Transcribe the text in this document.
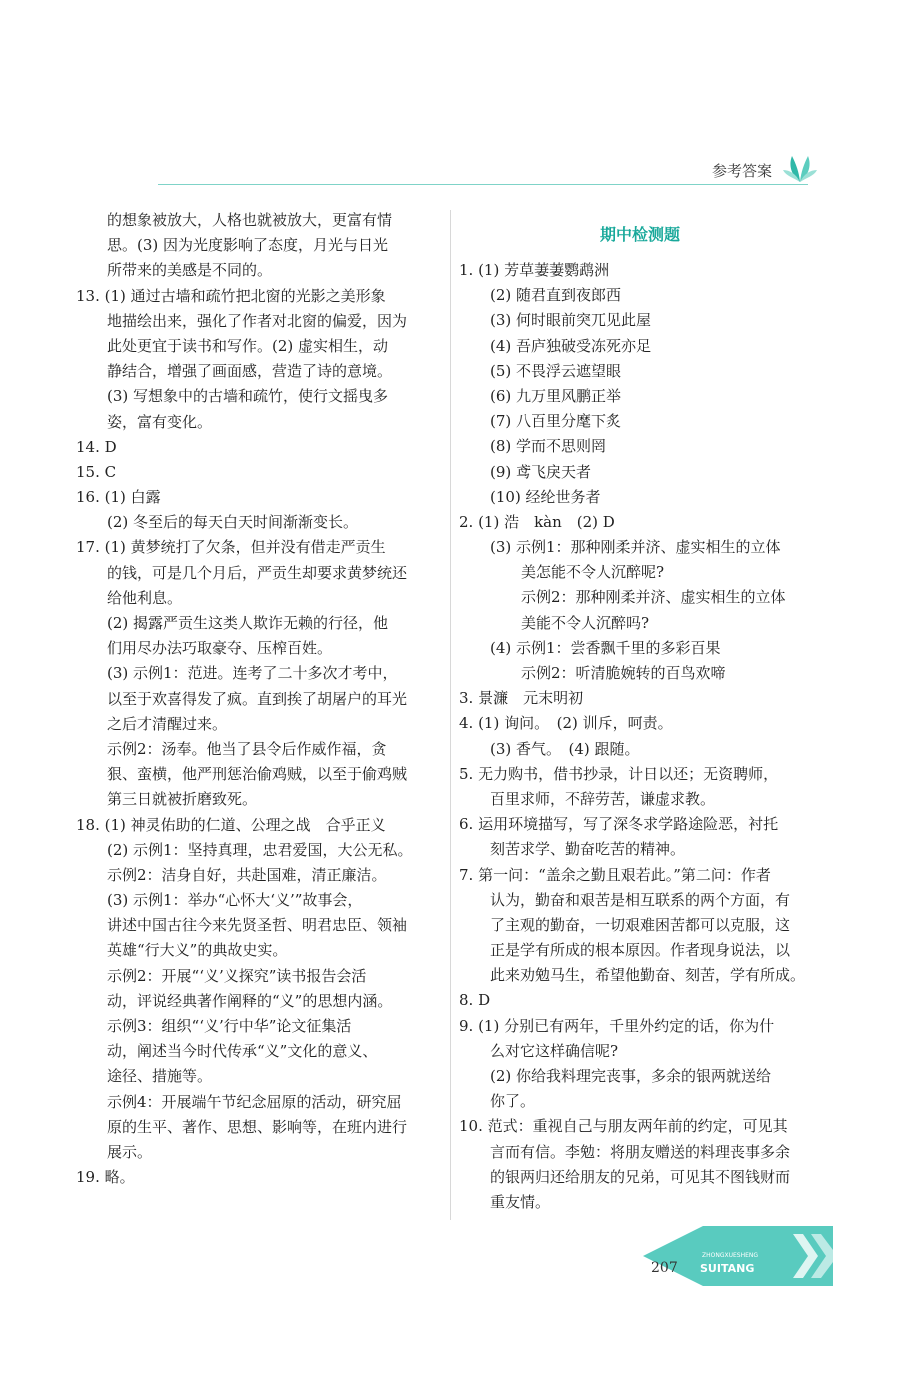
参考答案
的想象被放大，人格也就被放大，更富有情
思。(3) 因为光度影响了态度，月光与日光
所带来的美感是不同的。
13. (1) 通过古墙和疏竹把北窗的光影之美形象
地描绘出来，强化了作者对北窗的偏爱，因为
此处更宜于读书和写作。(2) 虚实相生，动
静结合，增强了画面感，营造了诗的意境。
(3) 写想象中的古墙和疏竹，使行文摇曳多
姿，富有变化。
14. D
15. C
16. (1) 白露
(2) 冬至后的每天白天时间渐渐变长。
17. (1) 黄梦统打了欠条，但并没有借走严贡生
的钱，可是几个月后，严贡生却要求黄梦统还
给他利息。
(2) 揭露严贡生这类人欺诈无赖的行径，他
们用尽办法巧取豪夺、压榨百姓。
(3) 示例1：范进。连考了二十多次才考中，
以至于欢喜得发了疯。直到挨了胡屠户的耳光
之后才清醒过来。
示例2：汤奉。他当了县令后作威作福，贪
狠、蛮横，他严刑惩治偷鸡贼，以至于偷鸡贼
第三日就被折磨致死。
18. (1) 神灵佑助的仁道、公理之战　合乎正义
(2) 示例1：坚持真理，忠君爱国，大公无私。
示例2：洁身自好，共赴国难，清正廉洁。
(3) 示例1：举办“心怀大‘义’”故事会，
讲述中国古往今来先贤圣哲、明君忠臣、领袖
英雄“行大义”的典故史实。
示例2：开展“‘义’义探究”读书报告会活
动，评说经典著作阐释的“义”的思想内涵。
示例3：组织“‘义’行中华”论文征集活
动，阐述当今时代传承“义”文化的意义、
途径、措施等。
示例4：开展端午节纪念屈原的活动，研究屈
原的生平、著作、思想、影响等，在班内进行
展示。
19. 略。
期中检测题
1. (1) 芳草萋萋鹦鹉洲
(2) 随君直到夜郎西
(3) 何时眼前突兀见此屋
(4) 吾庐独破受冻死亦足
(5) 不畏浮云遮望眼
(6) 九万里风鹏正举
(7) 八百里分麾下炙
(8) 学而不思则罔
(9) 鸢飞戾天者
(10) 经纶世务者
2. (1) 浩　kàn　(2) D
(3) 示例1：那种刚柔并济、虚实相生的立体
美怎能不令人沉醉呢?
示例2：那种刚柔并济、虚实相生的立体
美能不令人沉醉吗?
(4) 示例1：尝香飘千里的多彩百果
示例2：听清脆婉转的百鸟欢啼
3. 景濂　元末明初
4. (1) 询问。　(2) 训斥，呵责。
(3) 香气。　(4) 跟随。
5. 无力购书，借书抄录，计日以还；无资聘师，
百里求师，不辞劳苦，谦虚求教。
6. 运用环境描写，写了深冬求学路途险恶，衬托
刻苦求学、勤奋吃苦的精神。
7. 第一问：“盖余之勤且艰若此。”第二问：作者
认为，勤奋和艰苦是相互联系的两个方面，有
了主观的勤奋，一切艰难困苦都可以克服，这
正是学有所成的根本原因。作者现身说法，以
此来劝勉马生，希望他勤奋、刻苦，学有所成。
8. D
9. (1) 分别已有两年，千里外约定的话，你为什
么对它这样确信呢?
(2) 你给我料理完丧事，多余的银两就送给
你了。
10. 范式：重视自己与朋友两年前的约定，可见其
言而有信。李勉：将朋友赠送的料理丧事多余
的银两归还给朋友的兄弟，可见其不图钱财而
重友情。
207
ZHONGXUESHENG
SUITANG
